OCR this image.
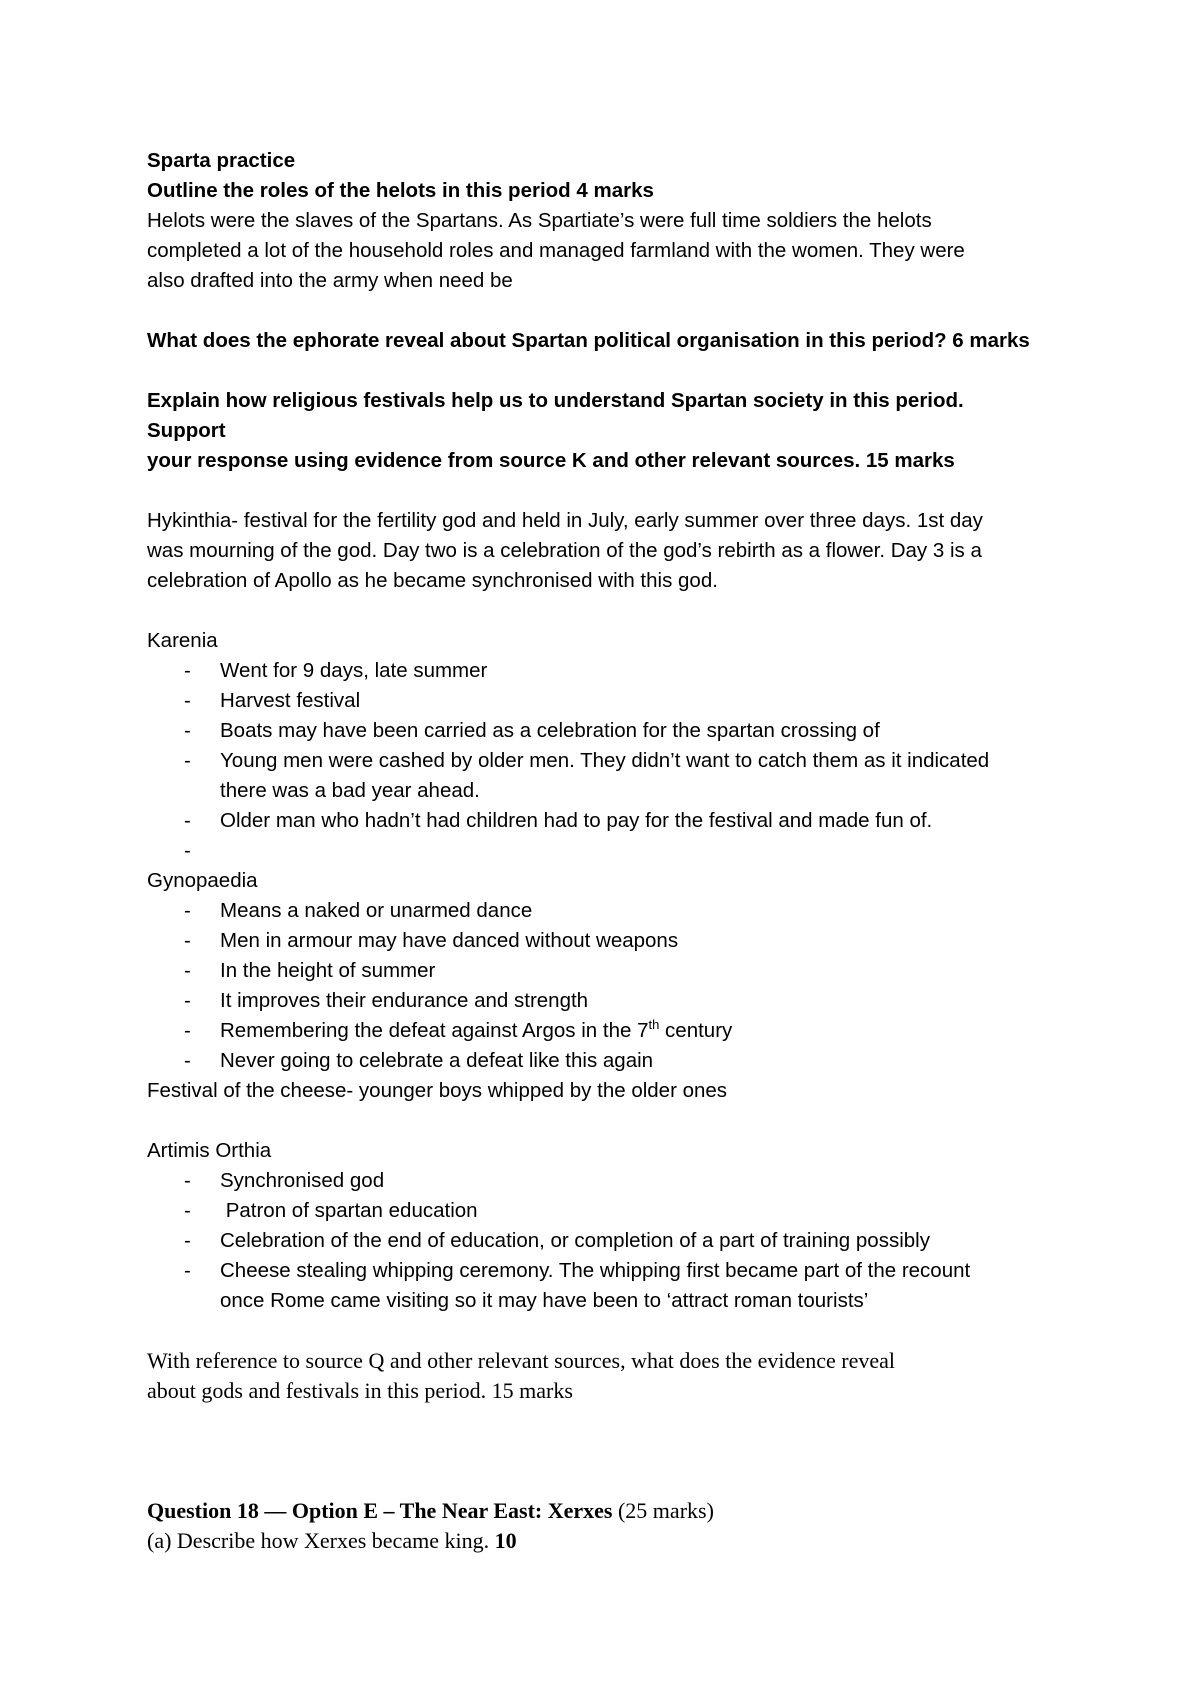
Sparta practice

Outline the roles of the helots in this period 4 marks

Helots were the slaves of the Spartans. As Spartiate’s were full time soldiers the helots

completed a lot of the household roles and managed farmland with the women. They were

also drafted into the army when need be

What does the ephorate reveal about Spartan political organisation in this period? 6 marks

Explain how religious festivals help us to understand Spartan society in this period.

Support

your response using evidence from source K and other relevant sources. 15 marks

Hykinthia- festival for the fertility god and held in July, early summer over three days. 1st day

was mourning of the god. Day two is a celebration of the god’s rebirth as a flower. Day 3 is a

celebration of Apollo as he became synchronised with this god.

Karenia

- Went for 9 days, late summer
- Harvest festival
- Boats may have been carried as a celebration for the spartan crossing of
- Young men were cashed by older men. They didn’t want to catch them as it indicated there was a bad year ahead.
- Older man who hadn’t had children had to pay for the festival and made fun of.
-

Gynopaedia

- Means a naked or unarmed dance
- Men in armour may have danced without weapons
- In the height of summer
- It improves their endurance and strength
- Remembering the defeat against Argos in the 7th century
- Never going to celebrate a defeat like this again

Festival of the cheese- younger boys whipped by the older ones

Artimis Orthia

- Synchronised god
- Patron of spartan education
- Celebration of the end of education, or completion of a part of training possibly
- Cheese stealing whipping ceremony. The whipping first became part of the recount once Rome came visiting so it may have been to ‘attract roman tourists’

With reference to source Q and other relevant sources, what does the evidence reveal

about gods and festivals in this period. 15 marks

Question 18 — Option E – The Near East: Xerxes (25 marks)

(a) Describe how Xerxes became king. 10
